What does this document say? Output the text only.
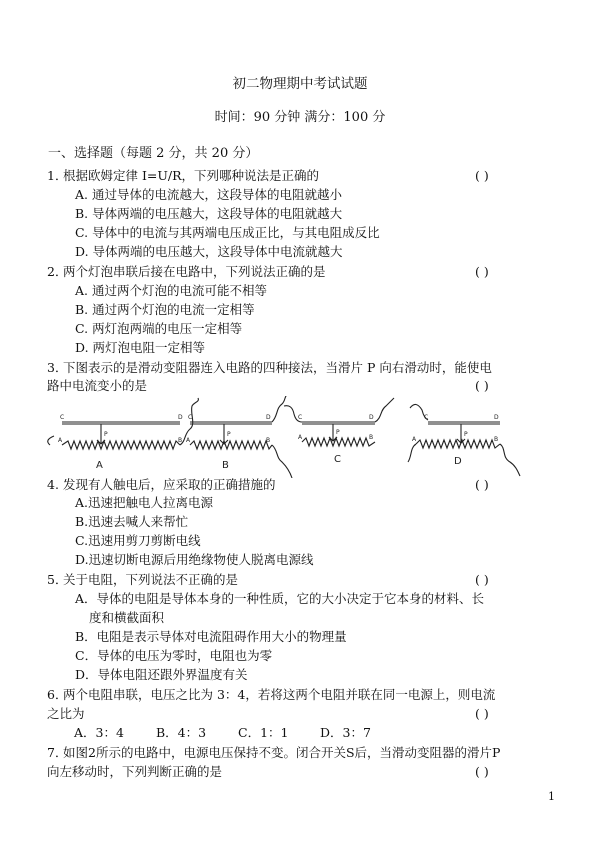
初二物理期中考试试题
时间：90 分钟 满分：100 分
一、选择题（每题 2 分，共 20 分）
1．根据欧姆定律 I=U/R，下列哪种说法是正确的	( )
A. 通过导体的电流越大，这段导体的电阻就越小
B. 导体两端的电压越大，这段导体的电阻就越大
C. 导体中的电流与其两端电压成正比，与其电阻成反比
D. 导体两端的电压越大，这段导体中电流就越大
2．两个灯泡串联后接在电路中，下列说法正确的是	( )
A. 通过两个灯泡的电流可能不相等
B. 通过两个灯泡的电流一定相等
C. 两灯泡两端的电压一定相等
D. 两灯泡电阻一定相等
3．下图表示的是滑动变阻器连入电路的四种接法，当滑片 P 向右滑动时，能使电
路中电流变小的是	( )
C	D
A	B
P
C	D
A	B
P
C	D
A	B
P
C	D
A	B
P
A	B
C	D
4. 发现有人触电后，应采取的正确措施的	( )
A.迅速把触电人拉离电源
B.迅速去喊人来帮忙
C.迅速用剪刀剪断电线
D.迅速切断电源后用绝缘物使人脱离电源线
5．关于电阻，下列说法不正确的是	( )
A．导体的电阻是导体本身的一种性质，它的大小决定于它本身的材料、长
度和横截面积
B．电阻是表示导体对电流阻碍作用大小的物理量
C．导体的电压为零时，电阻也为零
D．导体电阻还跟外界温度有关
6．两个电阻串联，电压之比为 3：4，若将这两个电阻并联在同一电源上，则电流
之比为	( )
A．3：4	B．4：3	C．1：1	D．3：7
7．如图2所示的电路中，电源电压保持不变。闭合开关S后，当滑动变阻器的滑片P
向左移动时，下列判断正确的是	( )
1
